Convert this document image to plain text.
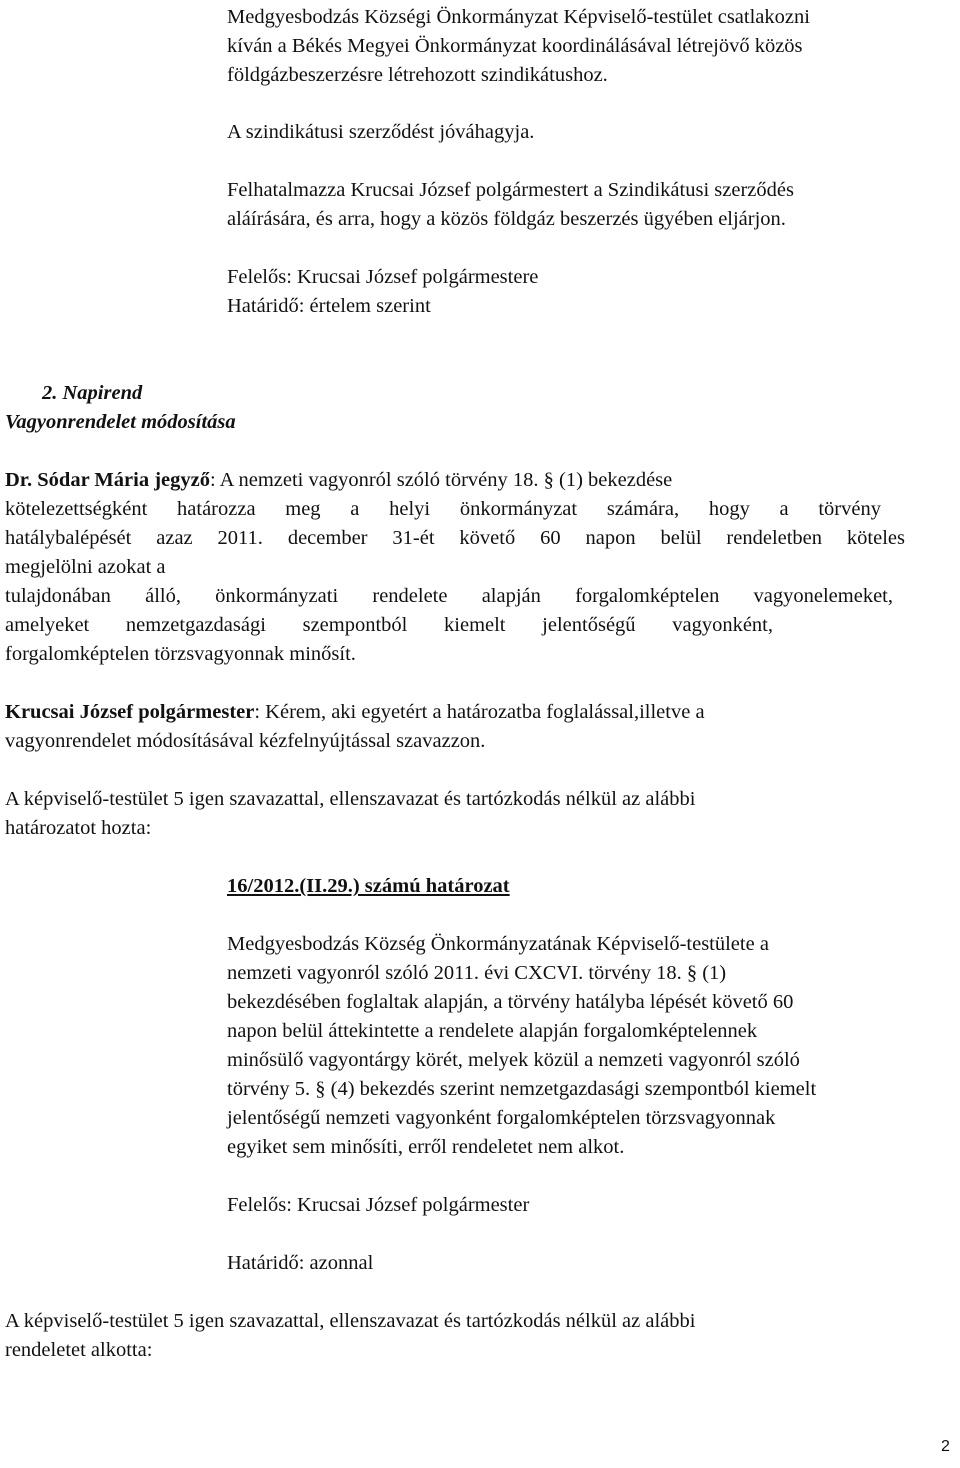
Medgyesbodzás Községi Önkormányzat Képviselő-testület csatlakozni
kíván a Békés Megyei Önkormányzat koordinálásával létrejövő közös
földgázbeszerzésre létrehozott szindikátushoz.
A szindikátusi szerződést jóváhagyja.
Felhatalmazza Krucsai József polgármestert a Szindikátusi szerződés
aláírására, és arra, hogy a közös földgáz beszerzés ügyében eljárjon.
Felelős: Krucsai József polgármestere
Határidő: értelem szerint
2. Napirend
Vagyonrendelet módosítása
Dr. Sódar Mária jegyző: A nemzeti vagyonról szóló törvény 18. § (1) bekezdése
kötelezettségként határozza meg a helyi önkormányzat számára, hogy a törvény
hatálybalépését azaz 2011. december 31-ét követő 60 napon belül rendeletben köteles
megjelölni azokat a
tulajdonában álló, önkormányzati rendelete alapján forgalomképtelen vagyonelemeket,
amelyeket nemzetgazdasági szempontból kiemelt jelentőségű vagyonként,
forgalomképtelen törzsvagyonnak minősít.
Krucsai József polgármester: Kérem, aki egyetért a határozatba foglalással,illetve a
vagyonrendelet módosításával kézfelnyújtással szavazzon.
A képviselő-testület 5 igen szavazattal, ellenszavazat és tartózkodás nélkül az alábbi
határozatot hozta:
16/2012.(II.29.) számú határozat
Medgyesbodzás Község Önkormányzatának Képviselő-testülete a
nemzeti vagyonról szóló 2011. évi CXCVI. törvény 18. § (1)
bekezdésében foglaltak alapján, a törvény hatályba lépését követő 60
napon belül áttekintette a rendelete alapján forgalomképtelennek
minősülő vagyontárgy körét, melyek közül a nemzeti vagyonról szóló
törvény 5. § (4) bekezdés szerint nemzetgazdasági szempontból kiemelt
jelentőségű nemzeti vagyonként forgalomképtelen törzsvagyonnak
egyiket sem minősíti, erről rendeletet nem alkot.
Felelős: Krucsai József polgármester
Határidő: azonnal
A képviselő-testület 5 igen szavazattal, ellenszavazat és tartózkodás nélkül az alábbi
rendeletet alkotta:
2
